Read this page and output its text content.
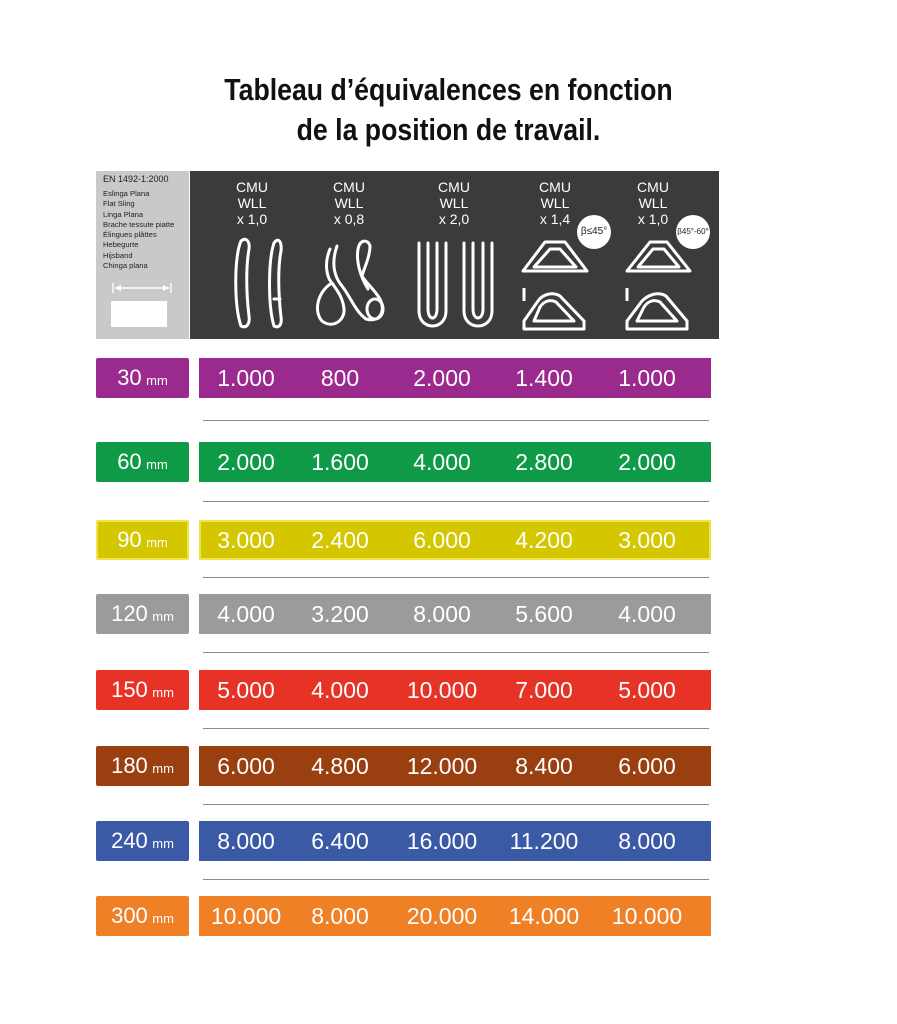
Tableau d’équivalences en fonction
de la position de travail.
EN 1492-1:2000
Eslinga Plana
Flat Sling
Linga Plana
Brache tessute piatte
Élingues plâttes
Hebegurte
Hijsband
Chinga plana
CMU
WLL
x 1,0
CMU
WLL
x 0,8
CMU
WLL
x 2,0
CMU
WLL
x 1,4
CMU
WLL
x 1,0
β≤45°	β45°-60°
30 mm	1.000	800	2.000	1.400	1.000
60 mm	2.000	1.600	4.000	2.800	2.000
90 mm	3.000	2.400	6.000	4.200	3.000
120 mm	4.000	3.200	8.000	5.600	4.000
150 mm	5.000	4.000	10.000	7.000	5.000
180 mm	6.000	4.800	12.000	8.400	6.000
240 mm	8.000	6.400	16.000	11.200	8.000
300 mm	10.000	8.000	20.000	14.000	10.000
